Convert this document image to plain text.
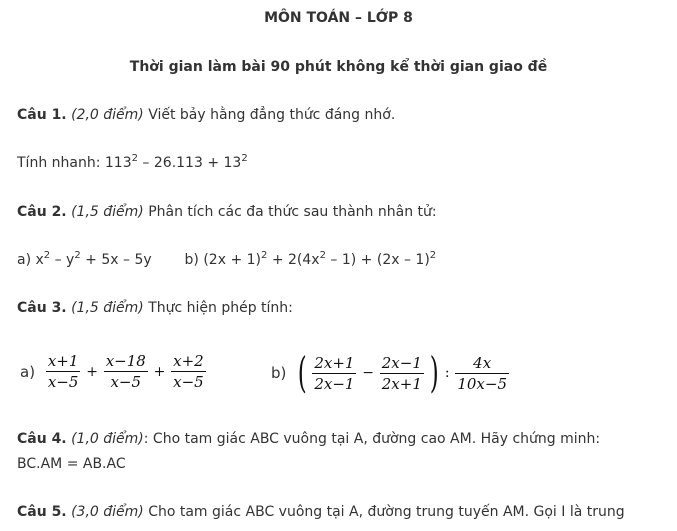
MÔN TOÁN – LỚP 8
Thời gian làm bài 90 phút không kể thời gian giao đề
Câu 1. (2,0 điểm) Viết bảy hằng đẳng thức đáng nhớ.
Tính nhanh: $113^2 - 26.113 + 13^2$
Câu 2. (1,5 điểm) Phân tích các đa thức sau thành nhân tử:
a) $x^2 - y^2 + 5x - 5y$ b) $(2x + 1)^2 + 2(4x^2 - 1) + (2x - 1)^2$
Câu 3. (1,5 điểm) Thực hiện phép tính:
$a) \frac{x+1}{x-5} + \frac{x-18}{x-5} + \frac{x+2}{x-5}$	b) ( $\frac{2x+1}{2x-1} - \frac{2x-1}{2x+1}$ ) : $\frac{4x}{10x-5}$
Câu 4. (1,0 điểm): Cho tam giác ABC vuông tại A, đường cao AM. Hãy chứng minh:
BC.AM = AB.AC
Câu 5. (3,0 điểm) Cho tam giác ABC vuông tại A, đường trung tuyến AM. Gọi I là trung
